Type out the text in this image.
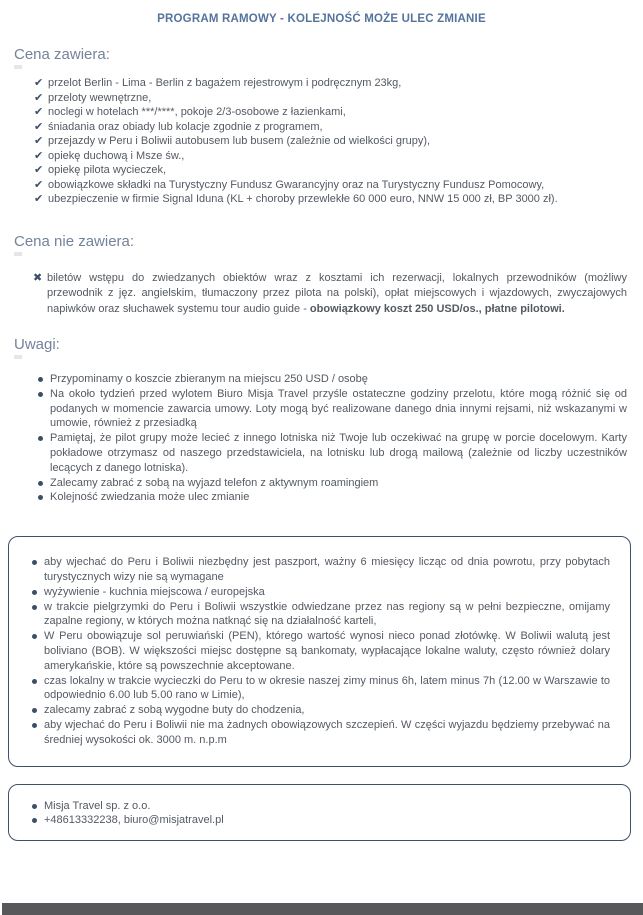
PROGRAM RAMOWY - KOLEJNOŚĆ MOŻE ULEC ZMIANIE
Cena zawiera:
✔ przelot Berlin - Lima - Berlin z bagażem rejestrowym i podręcznym 23kg,
✔ przeloty wewnętrzne,
✔ noclegi w hotelach ***/****, pokoje 2/3-osobowe z łazienkami,
✔ śniadania oraz obiady lub kolacje zgodnie z programem,
✔ przejazdy w Peru i Boliwii autobusem lub busem (zależnie od wielkości grupy),
✔ opiekę duchową i Msze św.,
✔ opiekę pilota wycieczek,
✔ obowiązkowe składki na Turystyczny Fundusz Gwarancyjny oraz na Turystyczny Fundusz Pomocowy,
✔ ubezpieczenie w firmie Signal Iduna (KL + choroby przewlekłe 60 000 euro, NNW 15 000 zł, BP 3000 zł).
Cena nie zawiera:
✖ biletów wstępu do zwiedzanych obiektów wraz z kosztami ich rezerwacji, lokalnych przewodników (możliwy przewodnik z jęz. angielskim, tłumaczony przez pilota na polski), opłat miejscowych i wjazdowych, zwyczajowych napiwków oraz słuchawek systemu tour audio guide - obowiązkowy koszt 250 USD/os., płatne pilotowi.
Uwagi:
Przypominamy o koszcie zbieranym na miejscu 250 USD / osobę
Na około tydzień przed wylotem Biuro Misja Travel przyśle ostateczne godziny przelotu, które mogą różnić się od podanych w momencie zawarcia umowy. Loty mogą być realizowane danego dnia innymi rejsami, niż wskazanymi w umowie, również z przesiadką
Pamiętaj, że pilot grupy może lecieć z innego lotniska niż Twoje lub oczekiwać na grupę w porcie docelowym. Karty pokładowe otrzymasz od naszego przedstawiciela, na lotnisku lub drogą mailową (zależnie od liczby uczestników lecących z danego lotniska).
Zalecamy zabrać z sobą na wyjazd telefon z aktywnym roamingiem
Kolejność zwiedzania może ulec zmianie
aby wjechać do Peru i Boliwii niezbędny jest paszport, ważny 6 miesięcy licząc od dnia powrotu, przy pobytach turystycznych wizy nie są wymagane
wyżywienie - kuchnia miejscowa / europejska
w trakcie pielgrzymki do Peru i Boliwii wszystkie odwiedzane przez nas regiony są w pełni bezpieczne, omijamy zapalne regiony, w których można natknąć się na działalność karteli,
W Peru obowiązuje sol peruwiański (PEN), którego wartość wynosi nieco ponad złotówkę. W Boliwii walutą jest boliviano (BOB). W większości miejsc dostępne są bankomaty, wypłacające lokalne waluty, często również dolary amerykańskie, które są powszechnie akceptowane.
czas lokalny w trakcie wycieczki do Peru to w okresie naszej zimy minus 6h, latem minus 7h (12.00 w Warszawie to odpowiednio 6.00 lub 5.00 rano w Limie),
zalecamy zabrać z sobą wygodne buty do chodzenia,
aby wjechać do Peru i Boliwii nie ma żadnych obowiązowych szczepień. W części wyjazdu będziemy przebywać na średniej wysokości ok. 3000 m. n.p.m
Misja Travel sp. z o.o.
+48613332238, biuro@misjatravel.pl
